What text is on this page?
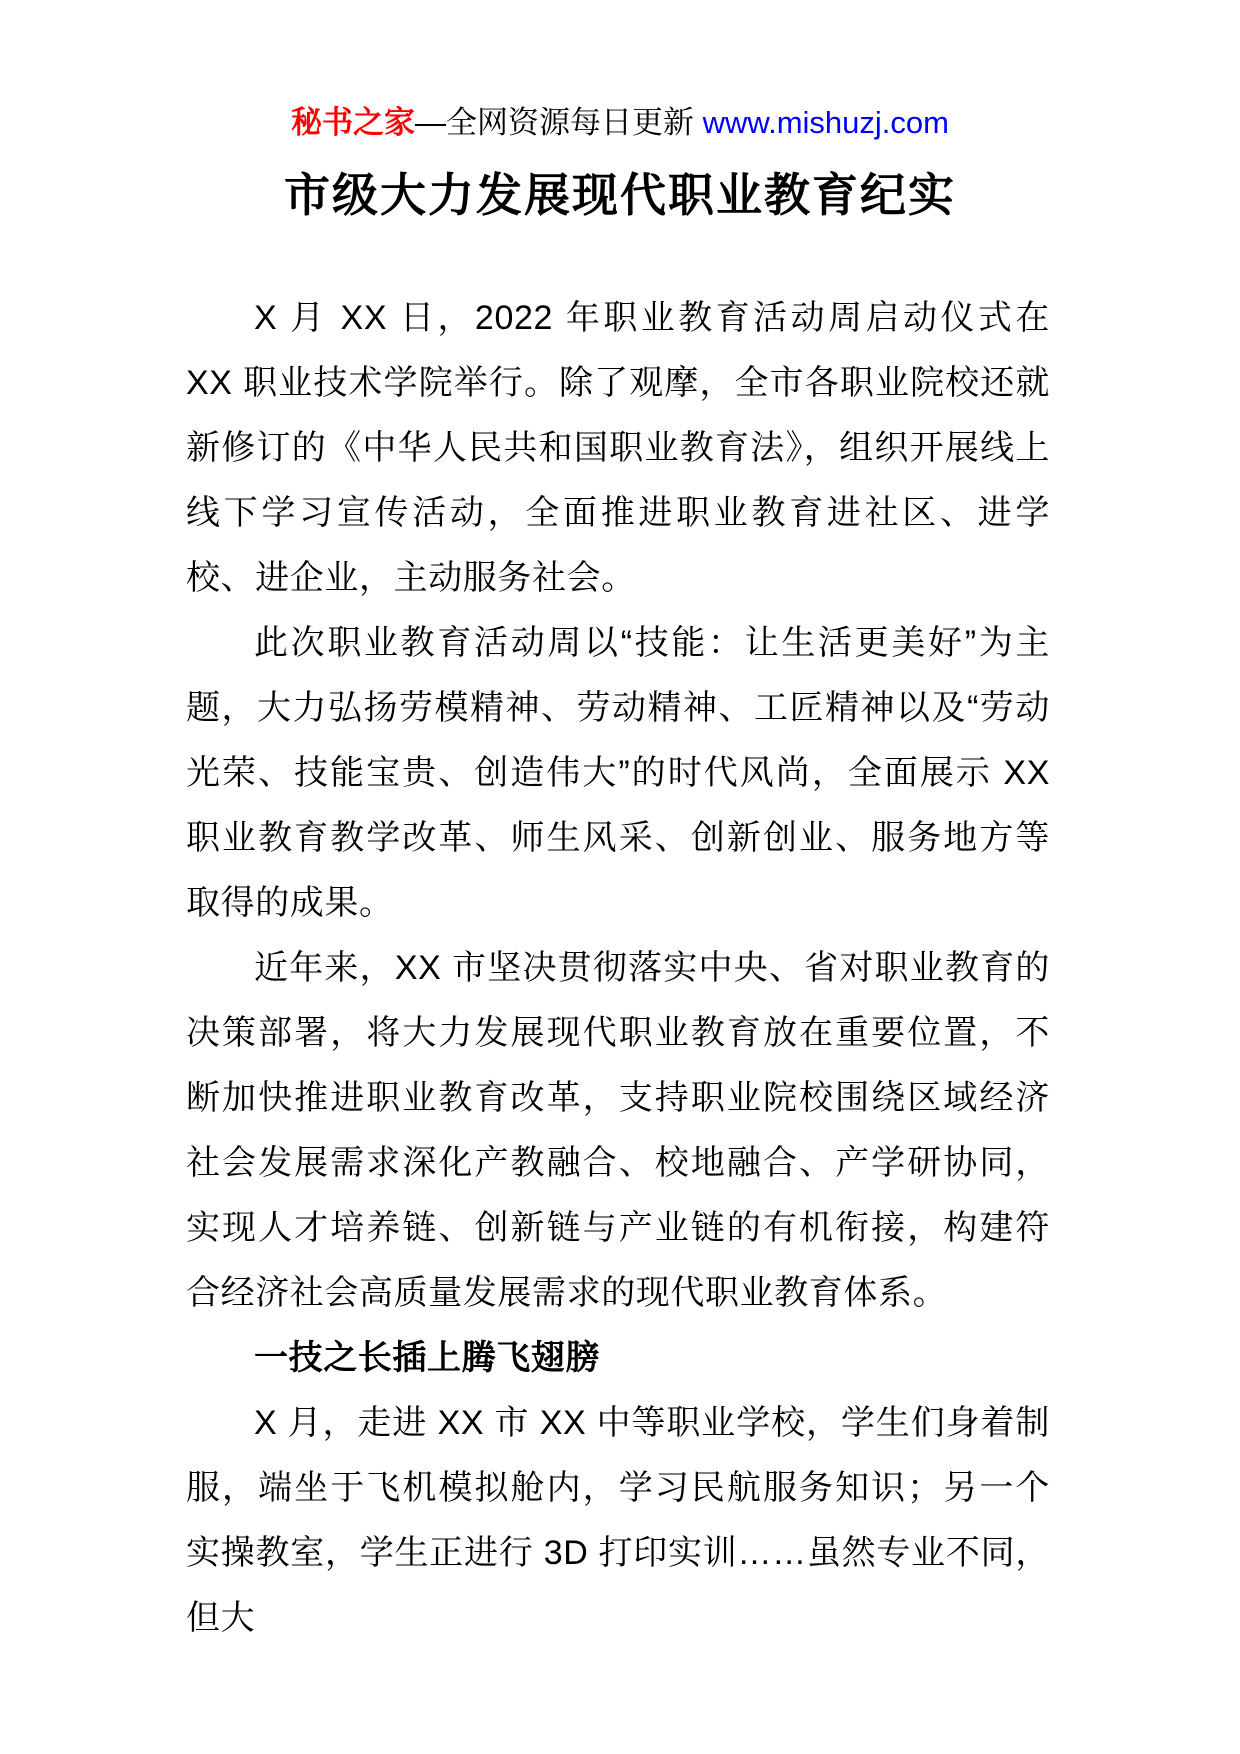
秘书之家—全网资源每日更新 www.mishuzj.com
市级大力发展现代职业教育纪实

X 月 XX 日，2022 年职业教育活动周启动仪式在 XX 职业技术学院举行。除了观摩，全市各职业院校还就新修订的《中华人民共和国职业教育法》，组织开展线上线下学习宣传活动，全面推进职业教育进社区、进学校、进企业，主动服务社会。

此次职业教育活动周以“技能：让生活更美好”为主题，大力弘扬劳模精神、劳动精神、工匠精神以及“劳动光荣、技能宝贵、创造伟大”的时代风尚，全面展示 XX 职业教育教学改革、师生风采、创新创业、服务地方等取得的成果。

近年来，XX 市坚决贯彻落实中央、省对职业教育的决策部署，将大力发展现代职业教育放在重要位置，不断加快推进职业教育改革，支持职业院校围绕区域经济社会发展需求深化产教融合、校地融合、产学研协同，实现人才培养链、创新链与产业链的有机衔接，构建符合经济社会高质量发展需求的现代职业教育体系。

一技之长插上腾飞翅膀

X 月，走进 XX 市 XX 中等职业学校，学生们身着制服，端坐于飞机模拟舱内，学习民航服务知识；另一个实操教室，学生正进行 3D 打印实训……虽然专业不同，但大
